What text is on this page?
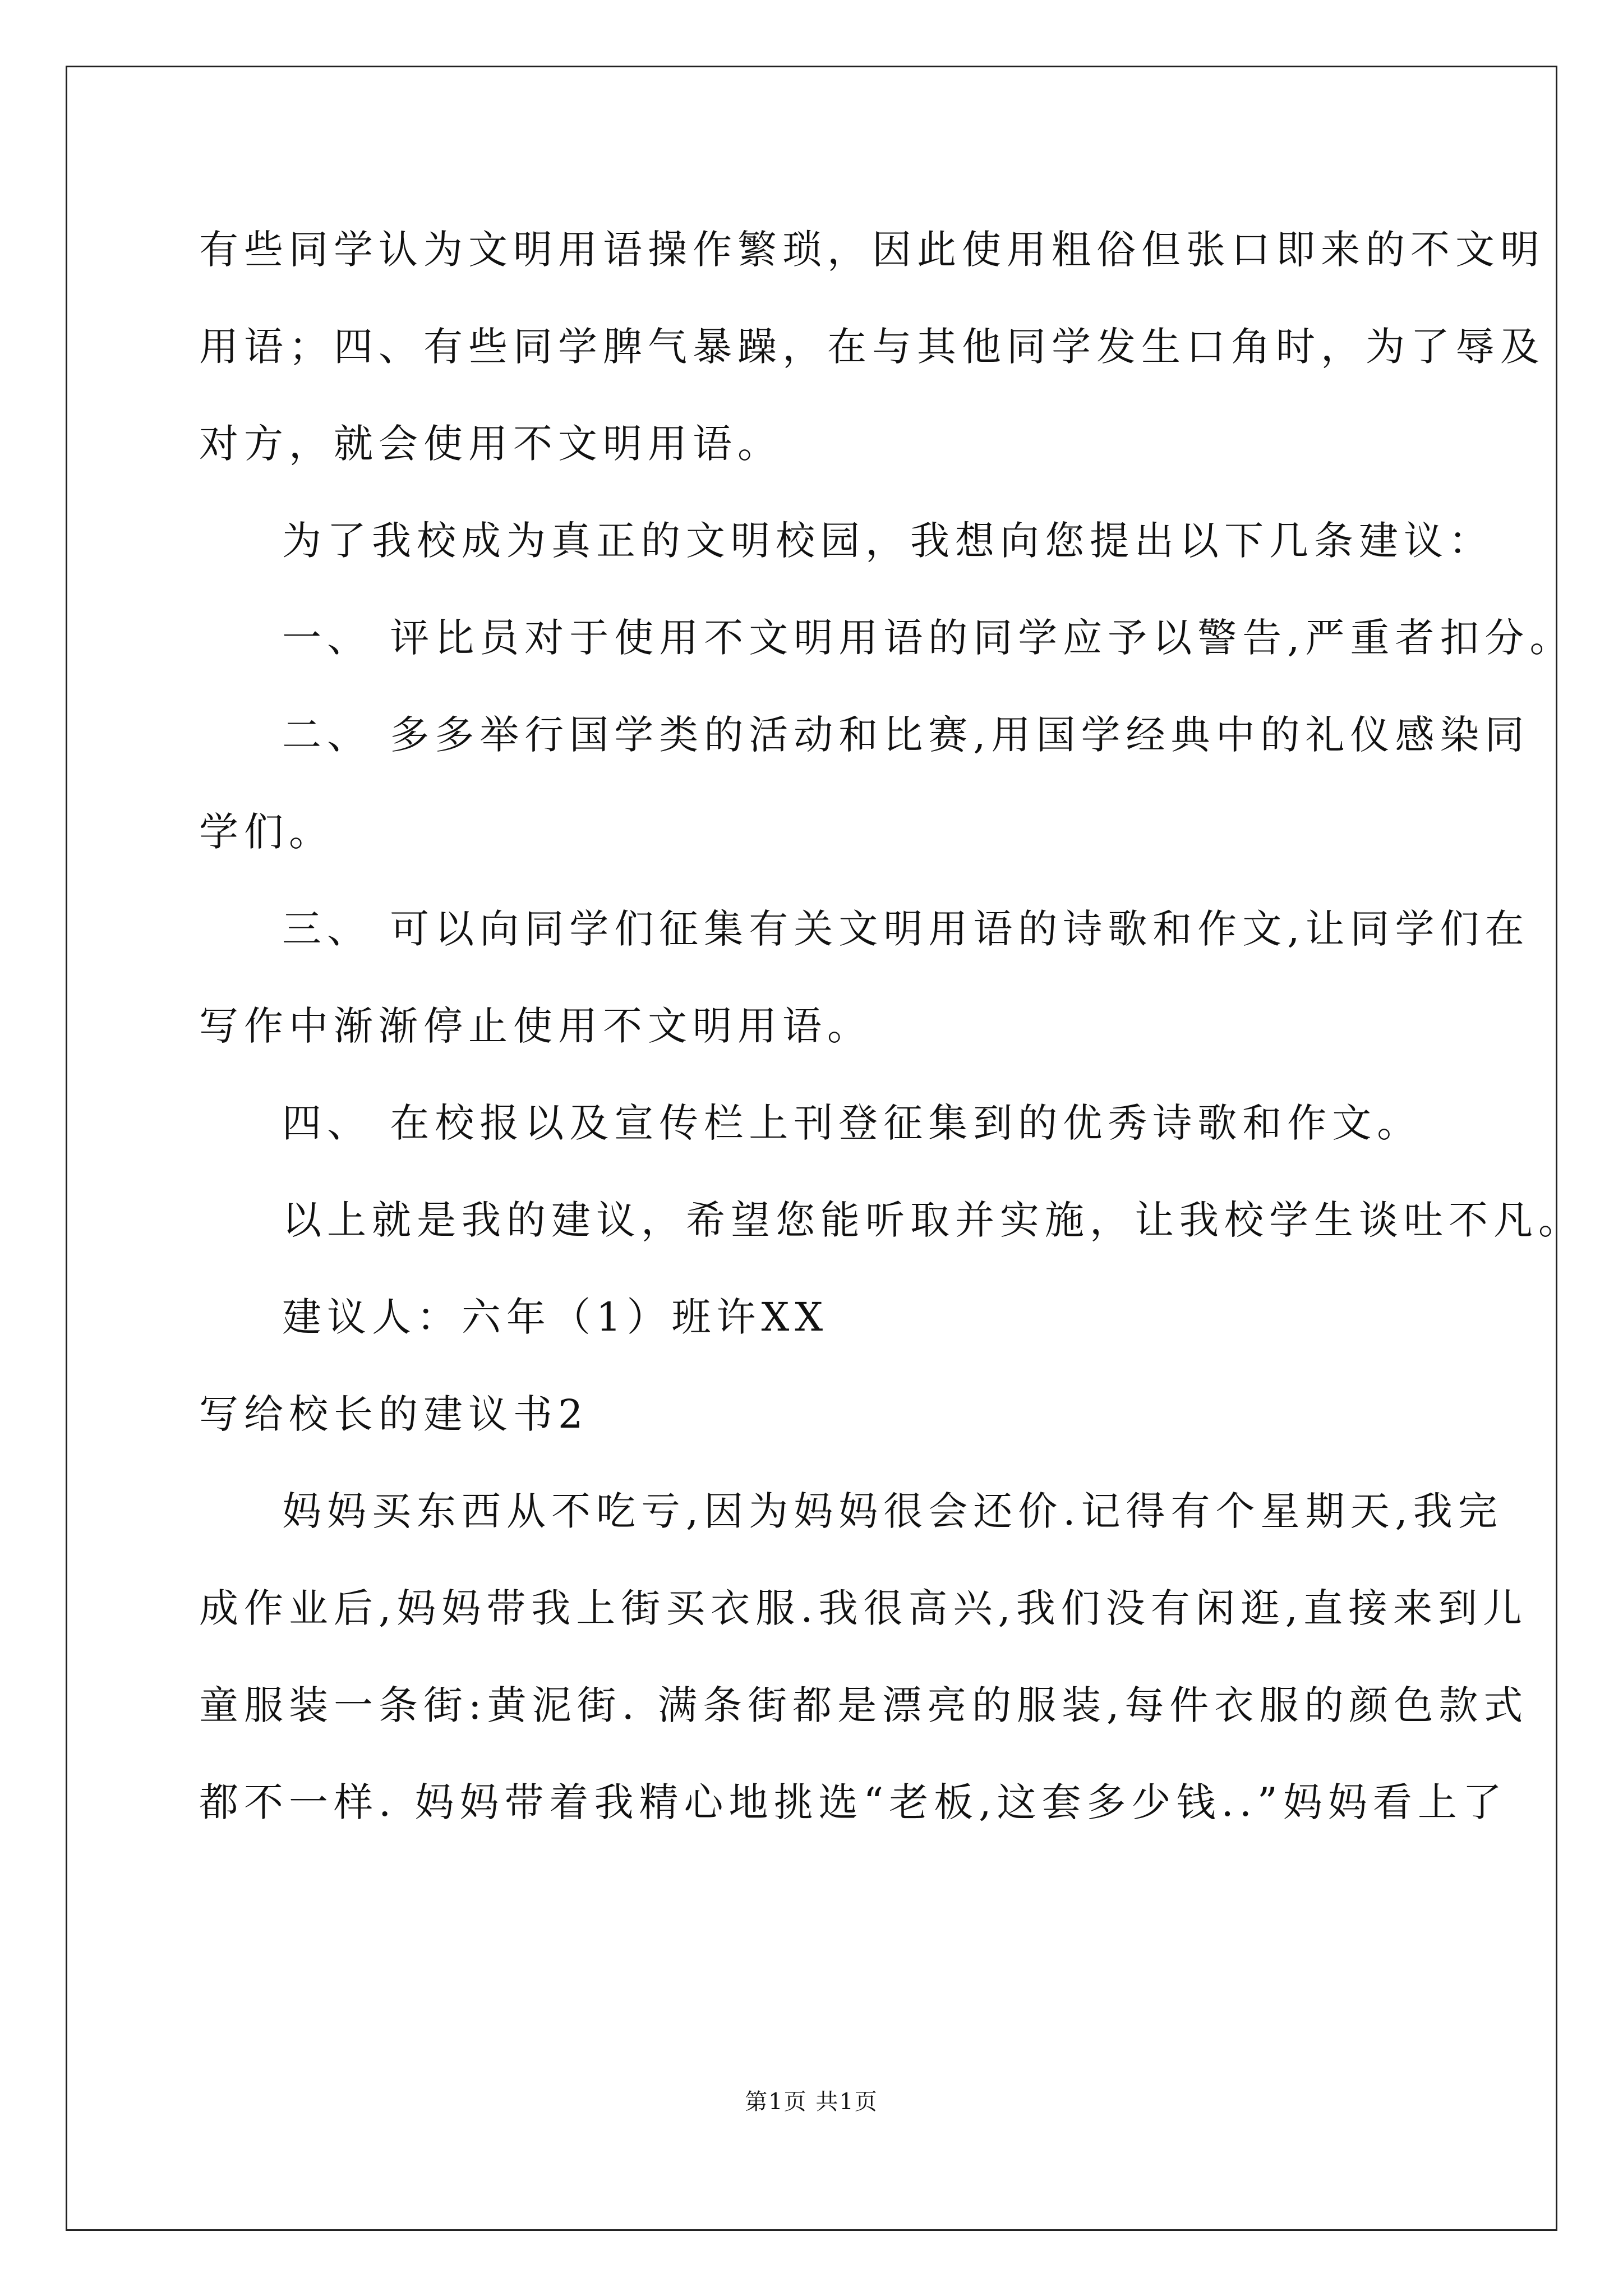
有些同学认为文明用语操作繁琐，因此使用粗俗但张口即来的不文明
用语；四、有些同学脾气暴躁，在与其他同学发生口角时，为了辱及
对方，就会使用不文明用语。
为了我校成为真正的文明校园，我想向您提出以下几条建议：
一、 评比员对于使用不文明用语的同学应予以警告,严重者扣分。
二、 多多举行国学类的活动和比赛,用国学经典中的礼仪感染同
学们。
三、 可以向同学们征集有关文明用语的诗歌和作文,让同学们在
写作中渐渐停止使用不文明用语。
四、 在校报以及宣传栏上刊登征集到的优秀诗歌和作文。
以上就是我的建议，希望您能听取并实施，让我校学生谈吐不凡。
建议人：六年（1）班许XX
写给校长的建议书2
妈妈买东西从不吃亏,因为妈妈很会还价.记得有个星期天,我完
成作业后,妈妈带我上街买衣服.我很高兴,我们没有闲逛,直接来到儿
童服装一条街:黄泥街. 满条街都是漂亮的服装,每件衣服的颜色款式
都不一样. 妈妈带着我精心地挑选“老板,这套多少钱..”妈妈看上了
第1页 共1页
